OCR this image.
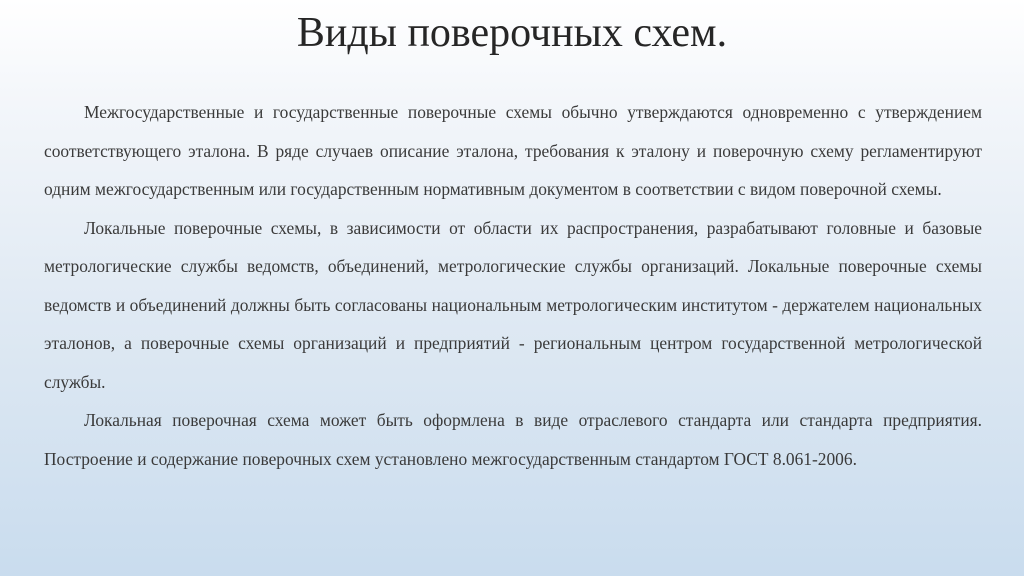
Виды поверочных схем.

Межгосударственные и государственные поверочные схемы обычно утверждаются одновременно с утверждением соответствующего эталона. В ряде случаев описание эталона, требования к эталону и поверочную схему регламентируют одним межгосударственным или государственным нормативным документом в соответствии с видом поверочной схемы.

Локальные поверочные схемы, в зависимости от области их распространения, разрабатывают головные и базовые метрологические службы ведомств, объединений, метрологические службы организаций. Локальные поверочные схемы ведомств и объединений должны быть согласованы национальным метрологическим институтом - держателем национальных эталонов, а поверочные схемы организаций и предприятий - региональным центром государственной метрологической службы.

Локальная поверочная схема может быть оформлена в виде отраслевого стандарта или стандарта предприятия. Построение и содержание поверочных схем установлено межгосударственным стандартом ГОСТ 8.061-2006.
